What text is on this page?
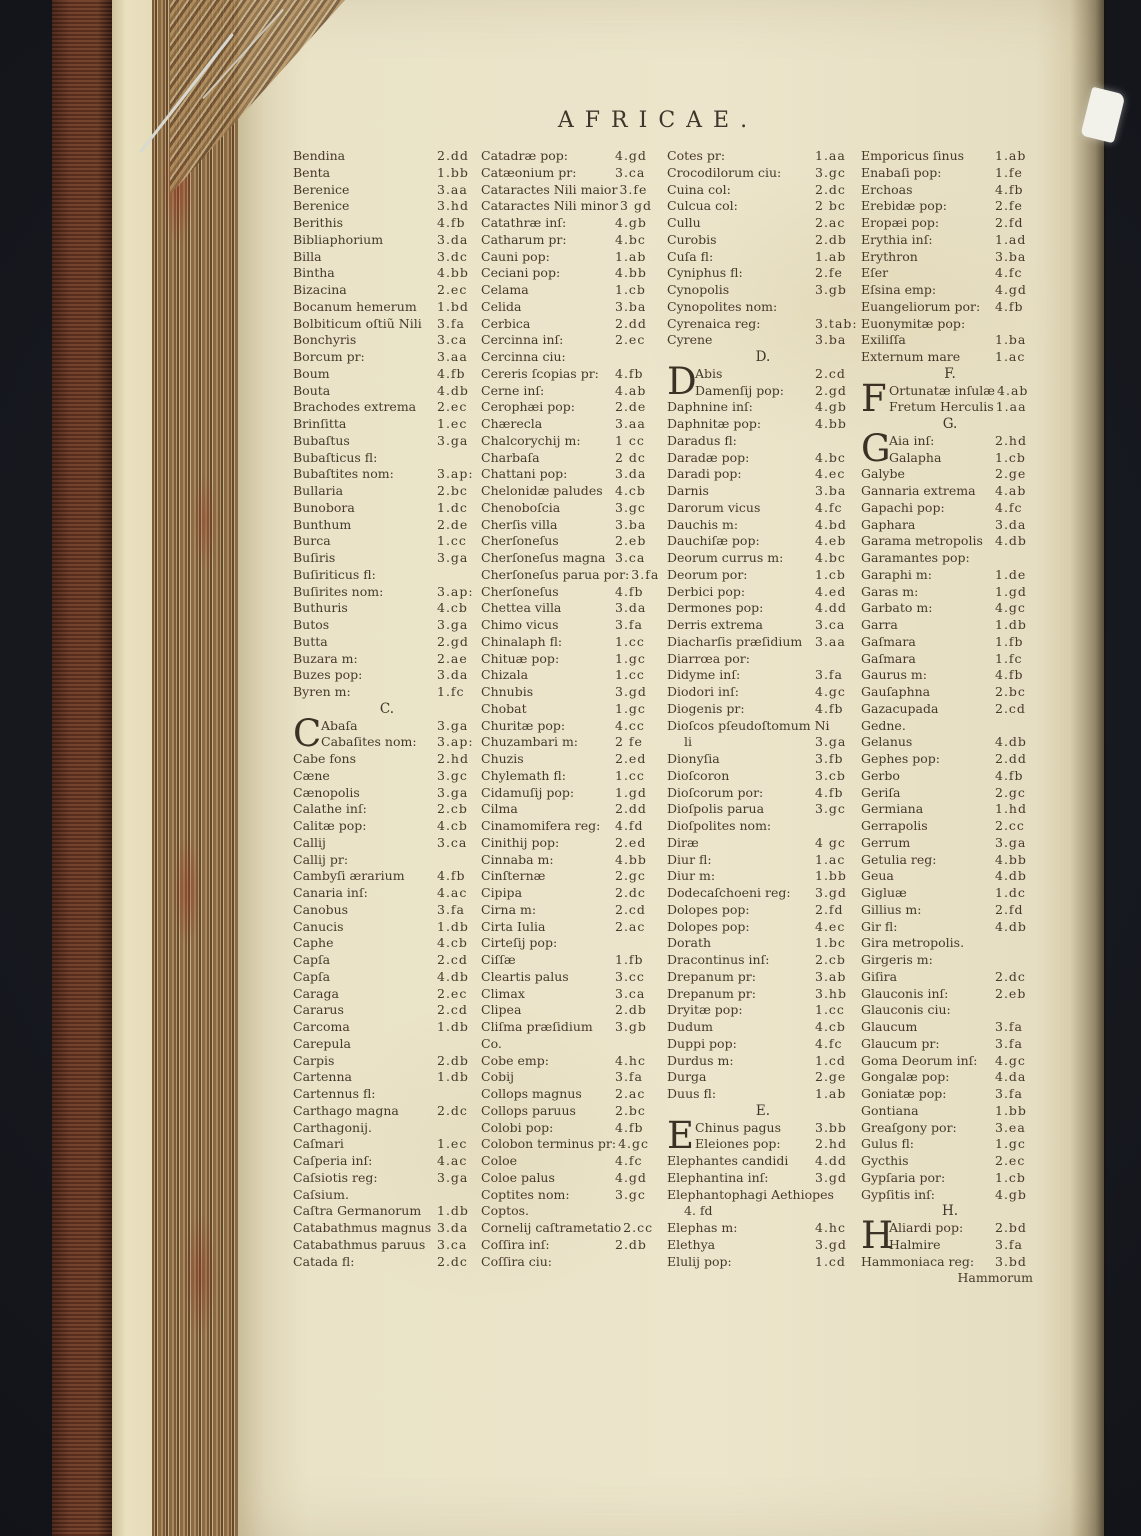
AFRICAE.
Bendina	2.dd
Benta	1.bb
Berenice	3.aa
Berenice	3.hd
Berithis	4.fb
Bibliaphorium	3.da
Billa	3.dc
Bintha	4.bb
Bizacina	2.ec
Bocanum hemerum 1.bd
Bolbiticum oſtiũ Nili 3.fa
Bonchyris	3.ca
Borcum pr:	3.aa
Boum	4.fb
Bouta	4.db
Brachodes extrema 2.ec
Brinſitta	1.ec
Bubaſtus	3.ga
Bubaſticus fl:
Bubaſtites nom:	3.ap:
Bullaria	2.bc
Bunobora	1.dc
Bunthum	2.de
Burca	1.cc
Buſiris	3.ga
Buſiriticus fl:
Buſirites nom:	3.ap:
Buthuris	4.cb
Butos	3.ga
Butta	2.gd
Buzara m:	2.ae
Buzes pop:	3.da
Byren m:	1.fc
C.
C Abaſa	3.ga
Cabaſites nom: 3.ap:
Cabe fons	2.hd
Cæne	3.gc
Cænopolis	3.ga
Calathe inſ:	2.cb
Calitæ pop:	4.cb
Callij	3.ca
Callij pr:
Cambyſi ærarium	4.fb
Canaria inſ:	4.ac
Canobus	3.fa
Canucis	1.db
Caphe	4.cb
Capſa	2.cd
Capſa	4.db
Caraga	2.ec
Cararus	2.cd
Carcoma	1.db
Carepula
Carpis	2.db
Cartenna	1.db
Cartennus fl:
Carthago magna	2.dc
Carthagonij.
Caſmari	1.ec
Caſperia inſ:	4.ac
Caſsiotis reg:	3.ga
Caſsium.
Caſtra Germanorum 1.db
Catabathmus magnus 3.da
Catabathmus paruus 3.ca
Catada fl:	2.dc
Catadræ pop:	4.gd
Catæonium pr:	3.ca
Cataractes Nili maior 3.fe
Cataractes Nili minor 3 gd
Catathræ inſ:	4.gb
Catharum pr:	4.bc
Cauni pop:	1.ab
Ceciani pop:	4.bb
Celama	1.cb
Celida	3.ba
Cerbica	2.dd
Cercinna inſ:	2.ec
Cercinna ciu:
Cereris ſcopias pr: 4.fb
Cerne inſ:	4.ab
Cerophæi pop:	2.de
Chærecla	3.aa
Chalcorychij m:	1 cc
Charbaſa	2 dc
Chattani pop:	3.da
Chelonidæ paludes 4.cb
Chenoboſcia	3.gc
Cherſis villa	3.ba
Cherſoneſus	2.eb
Cherſoneſus magna 3.ca
Cherſoneſus parua por: 3.fa
Cherſoneſus	4.fb
Chettea villa	3.da
Chimo vicus	3.fa
Chinalaph fl:	1.cc
Chituæ pop:	1.gc
Chizala	1.cc
Chnubis	3.gd
Chobat	1.gc
Churitæ pop:	4.cc
Chuzambari m:	2 fe
Chuzis	2.ed
Chylemath fl:	1.cc
Cidamuſij pop:	1.gd
Cilma	2.dd
Cinamomifera reg: 4.fd
Cinithij pop:	2.ed
Cinnaba m:	4.bb
Cinſternæ	2.gc
Cipipa	2.dc
Cirna m:	2.cd
Cirta Iulia	2.ac
Cirteſij pop:
Ciſſæ	1.fb
Cleartis palus	3.cc
Climax	3.ca
Clipea	2.db
Cliſma præſidium 3.gb
Co.
Cobe emp:	4.hc
Cobij	3.fa
Collops magnus	2.ac
Collops paruus	2.bc
Colobi pop:	4.fb
Colobon terminus pr: 4.gc
Coloe	4.fc
Coloe palus	4.gd
Coptites nom:	3.gc
Coptos.
Cornelij caſtrametatio 2.cc
Coſſira inſ:	2.db
Coſſira ciu:
Cotes pr:	1.aa
Crocodilorum ciu:	3.gc
Cuina col:	2.dc
Culcua col:	2 bc
Cullu	2.ac
Curobis	2.db
Cuſa fl:	1.ab
Cyniphus fl:	2.fe
Cynopolis	3.gb
Cynopolites nom:
Cyrenaica reg:	3.tab:
Cyrene	3.ba
D.
D
Abis	2.cd
Damenſij pop: 2.gd
Daphnine inſ:	4.gb
Daphnitæ pop:	4.bb
Daradus fl:
Daradæ pop:	4.bc
Daradi pop:	4.ec
Darnis	3.ba
Darorum vicus	4.fc
Dauchis m:	4.bd
Dauchiſæ pop:	4.eb
Deorum currus m:	4.bc
Deorum por:	1.cb
Derbici pop:	4.ed
Dermones pop:	4.dd
Derris extrema	3.ca
Diacharſis præſidium 3.aa
Diarrœa por:
Didyme inſ:	3.fa
Diodori inſ:	4.gc
Diogenis pr:	4.fb
Dioſcos pſeudoſtomum Ni
li	3.ga
Dionyſia	3.fb
Dioſcoron	3.cb
Dioſcorum por:	4.fb
Dioſpolis parua	3.gc
Dioſpolites nom:
Diræ	4 gc
Diur fl:	1.ac
Diur m:	1.bb
Dodecaſchoeni reg: 3.gd
Dolopes pop:	2.fd
Dolopes pop:	4.ec
Dorath	1.bc
Dracontinus inſ:	2.cb
Drepanum pr:	3.ab
Drepanum pr:	3.hb
Dryitæ pop:	1.cc
Dudum	4.cb
Duppi pop:	4.fc
Durdus m:	1.cd
Durga	2.ge
Duus fl:	1.ab
E.
E Chinus pagus	3.bb
Eleiones pop:	2.hd
Elephantes candidi 4.dd
Elephantina inſ:	3.gd
Elephantophagi Aethiopes
4. fd
Elephas m:	4.hc
Elethya	3.gd
Elulij pop:	1.cd
Emporicus ſinus 1.ab
Enabaſi pop:	1.fe
Erchoas	4.fb
Erebidæ pop:	2.fe
Eropæi pop:	2.fd
Erythia inſ:	1.ad
Erythron	3.ba
Eſer	4.fc
Eſsina emp:	4.gd
Euangeliorum por: 4.fb
Euonymitæ pop:
Exiliſſa	1.ba
Externum mare	1.ac
F.
F Ortunatæ inſulæ 4.ab
Fretum Herculis 1.aa
G.
G
Aia inſ:	2.hd
Galapha	1.cb
Galybe	2.ge
Gannaria extrema 4.ab
Gapachi pop:	4.fc
Gaphara	3.da
Garama metropolis 4.db
Garamantes pop:
Garaphi m:	1.de
Garas m:	1.gd
Garbato m:	4.gc
Garra	1.db
Gaſmara	1.fb
Gaſmara	1.fc
Gaurus m:	4.fb
Gauſaphna	2.bc
Gazacupada	2.cd
Gedne.
Gelanus	4.db
Gephes pop:	2.dd
Gerbo	4.fb
Geriſa	2.gc
Germiana	1.hd
Gerrapolis	2.cc
Gerrum	3.ga
Getulia reg:	4.bb
Geua	4.db
Gigluæ	1.dc
Gillius m:	2.fd
Gir fl:	4.db
Gira metropolis.
Girgeris m:
Giſira	2.dc
Glauconis inſ:	2.eb
Glauconis ciu:
Glaucum	3.fa
Glaucum pr:	3.fa
Goma Deorum inſ: 4.gc
Gongalæ pop:	4.da
Goniatæ pop:	3.fa
Gontiana	1.bb
Greaſgony por:	3.ea
Gulus fl:	1.gc
Gycthis	2.ec
Gypſaria por:	1.cb
Gypſitis inſ:	4.gb
H.
H
Aliardi pop:	2.bd
Halmire	3.fa
Hammoniaca reg: 3.bd
Hammorum
